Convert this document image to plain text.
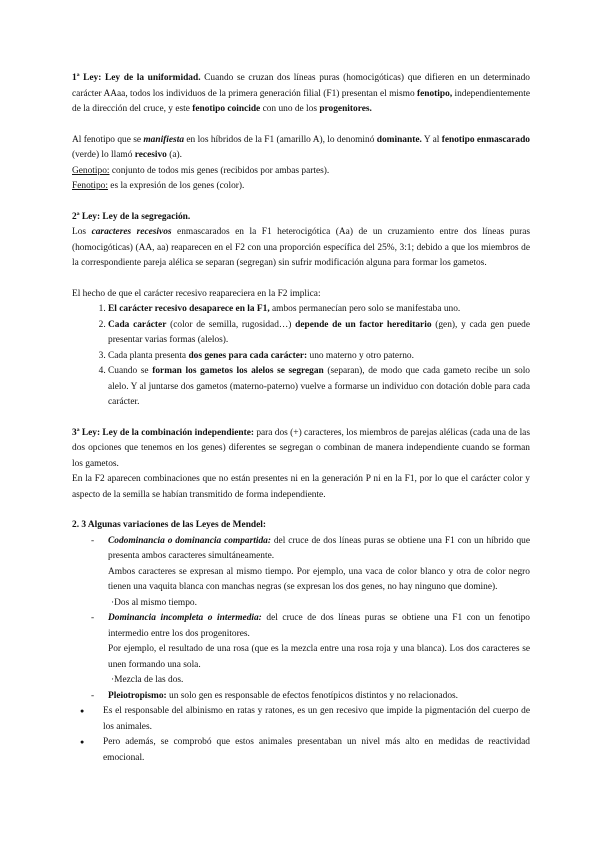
1ª Ley: Ley de la uniformidad. Cuando se cruzan dos líneas puras (homocigóticas) que difieren en un determinado carácter AAaa, todos los individuos de la primera generación filial (F1) presentan el mismo fenotipo, independientemente de la dirección del cruce, y este fenotipo coincide con uno de los progenitores.

Al fenotipo que se manifiesta en los híbridos de la F1 (amarillo A), lo denominó dominante. Y al fenotipo enmascarado (verde) lo llamó recesivo (a).

Genotipo: conjunto de todos mis genes (recibidos por ambas partes).

Fenotipo: es la expresión de los genes (color).

2ª Ley: Ley de la segregación.

Los caracteres recesivos enmascarados en la F1 heterocigótica (Aa) de un cruzamiento entre dos líneas puras (homocigóticas) (AA, aa) reaparecen en el F2 con una proporción específica del 25%, 3:1; debido a que los miembros de la correspondiente pareja alélica se separan (segregan) sin sufrir modificación alguna para formar los gametos.

El hecho de que el carácter recesivo reapareciera en la F2 implica:

1. El carácter recesivo desaparece en la F1, ambos permanecían pero solo se manifestaba uno.
2. Cada carácter (color de semilla, rugosidad…) depende de un factor hereditario (gen), y cada gen puede presentar varias formas (alelos).
3. Cada planta presenta dos genes para cada carácter: uno materno y otro paterno.
4. Cuando se forman los gametos los alelos se segregan (separan), de modo que cada gameto recibe un solo alelo. Y al juntarse dos gametos (materno-paterno) vuelve a formarse un individuo con dotación doble para cada carácter.

3ª Ley: Ley de la combinación independiente: para dos (+) caracteres, los miembros de parejas alélicas (cada una de las dos opciones que tenemos en los genes) diferentes se segregan o combinan de manera independiente cuando se forman los gametos.

En la F2 aparecen combinaciones que no están presentes ni en la generación P ni en la F1, por lo que el carácter color y aspecto de la semilla se habían transmitido de forma independiente.

2. 3 Algunas variaciones de las Leyes de Mendel:

- Codominancia o dominancia compartida: del cruce de dos líneas puras se obtiene una F1 con un híbrido que presenta ambos caracteres simultáneamente.

Ambos caracteres se expresan al mismo tiempo. Por ejemplo, una vaca de color blanco y otra de color negro tienen una vaquita blanca con manchas negras (se expresan los dos genes, no hay ninguno que domine).

·Dos al mismo tiempo.

- Dominancia incompleta o intermedia: del cruce de dos líneas puras se obtiene una F1 con un fenotipo intermedio entre los dos progenitores.

Por ejemplo, el resultado de una rosa (que es la mezcla entre una rosa roja y una blanca). Los dos caracteres se unen formando una sola.

·Mezcla de las dos.

- Pleiotropismo: un solo gen es responsable de efectos fenotípicos distintos y no relacionados.

● Es el responsable del albinismo en ratas y ratones, es un gen recesivo que impide la pigmentación del cuerpo de los animales.
● Pero además, se comprobó que estos animales presentaban un nivel más alto en medidas de reactividad emocional.
